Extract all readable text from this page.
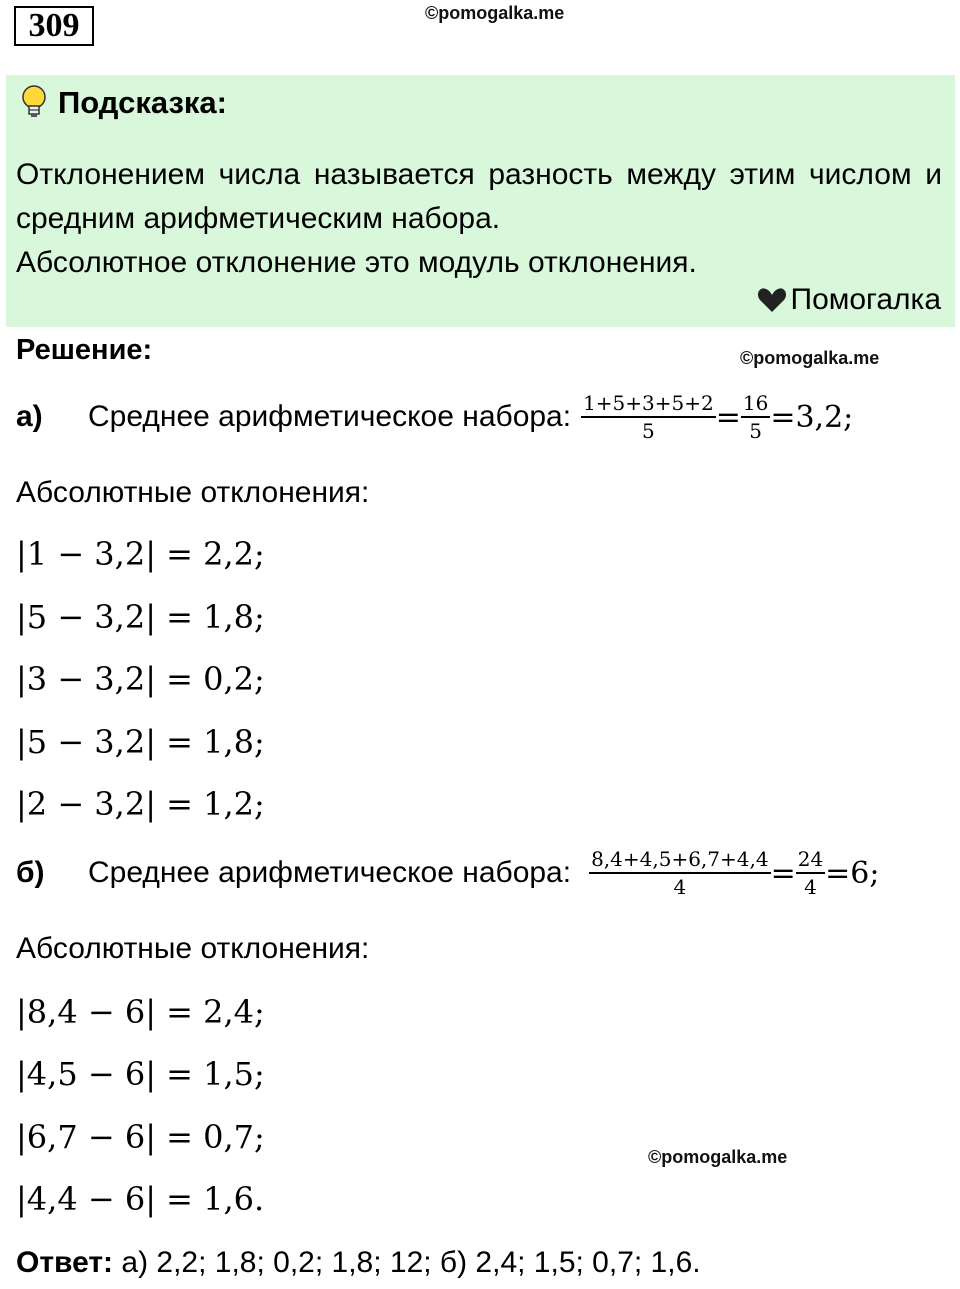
309	©pomogalka.me
Подсказка:
Отклонением числа называется разность между этим числом и средним арифметическим набора.
Абсолютное отклонение это модуль отклонения.
Помогалка
Решение:	©pomogalka.me
а)	Среднее арифметическое набора: $\frac{1+5+3+5+2}{5} = \frac{16}{5} =3,2$;
Абсолютные отклонения:
|1 − 3,2| = 2,2;
|5 − 3,2| = 1,8;
|3 − 3,2| = 0,2;
|5 − 3,2| = 1,8;
|2 − 3,2| = 1,2;
б)	Среднее арифметическое набора: $\frac{8,4+4,5+6,7+4,4}{4} = \frac{24}{4} =6$;
Абсолютные отклонения:
|8,4 − 6| = 2,4;
|4,5 − 6| = 1,5;
|6,7 − 6| = 0,7;
©pomogalka.me
|4,4 − 6| = 1,6.
Ответ: а) 2,2; 1,8; 0,2; 1,8; 12; б) 2,4; 1,5; 0,7; 1,6.
